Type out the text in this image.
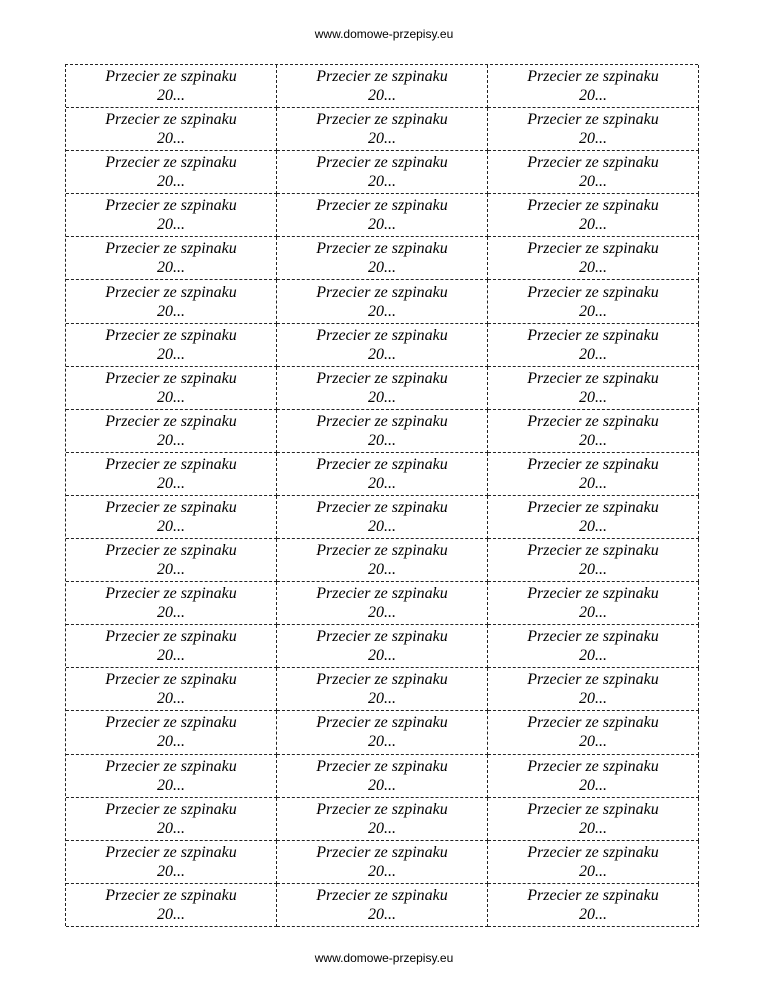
www.domowe-przepisy.eu
Przecier ze szpinaku
20...
Przecier ze szpinaku
20...
Przecier ze szpinaku
20...
Przecier ze szpinaku
20...
Przecier ze szpinaku
20...
Przecier ze szpinaku
20...
Przecier ze szpinaku
20...
Przecier ze szpinaku
20...
Przecier ze szpinaku
20...
Przecier ze szpinaku
20...
Przecier ze szpinaku
20...
Przecier ze szpinaku
20...
Przecier ze szpinaku
20...
Przecier ze szpinaku
20...
Przecier ze szpinaku
20...
Przecier ze szpinaku
20...
Przecier ze szpinaku
20...
Przecier ze szpinaku
20...
Przecier ze szpinaku
20...
Przecier ze szpinaku
20...
Przecier ze szpinaku
20...
Przecier ze szpinaku
20...
Przecier ze szpinaku
20...
Przecier ze szpinaku
20...
Przecier ze szpinaku
20...
Przecier ze szpinaku
20...
Przecier ze szpinaku
20...
Przecier ze szpinaku
20...
Przecier ze szpinaku
20...
Przecier ze szpinaku
20...
Przecier ze szpinaku
20...
Przecier ze szpinaku
20...
Przecier ze szpinaku
20...
Przecier ze szpinaku
20...
Przecier ze szpinaku
20...
Przecier ze szpinaku
20...
Przecier ze szpinaku
20...
Przecier ze szpinaku
20...
Przecier ze szpinaku
20...
Przecier ze szpinaku
20...
Przecier ze szpinaku
20...
Przecier ze szpinaku
20...
Przecier ze szpinaku
20...
Przecier ze szpinaku
20...
Przecier ze szpinaku
20...
Przecier ze szpinaku
20...
Przecier ze szpinaku
20...
Przecier ze szpinaku
20...
Przecier ze szpinaku
20...
Przecier ze szpinaku
20...
Przecier ze szpinaku
20...
Przecier ze szpinaku
20...
Przecier ze szpinaku
20...
Przecier ze szpinaku
20...
Przecier ze szpinaku
20...
Przecier ze szpinaku
20...
Przecier ze szpinaku
20...
Przecier ze szpinaku
20...
Przecier ze szpinaku
20...
Przecier ze szpinaku
20...
www.domowe-przepisy.eu
